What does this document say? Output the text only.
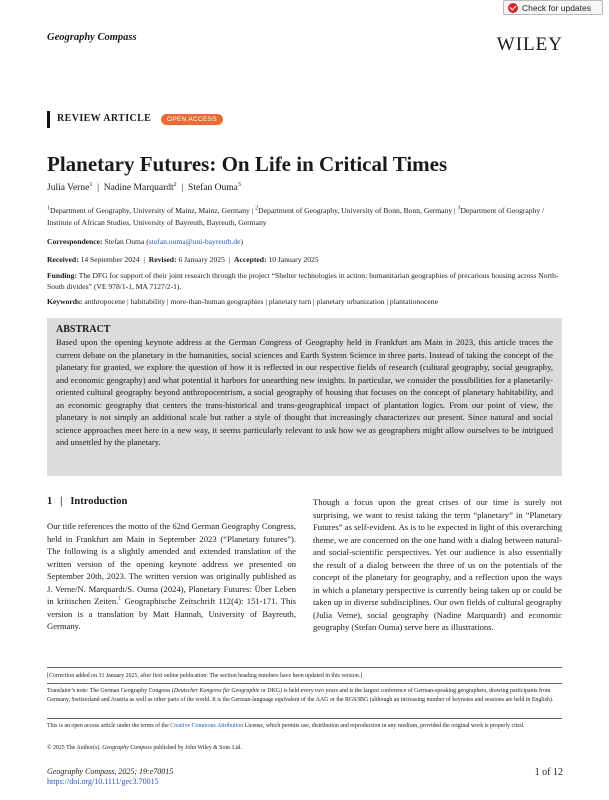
Check for updates
Geography Compass	WILEY
REVIEW ARTICLE	OPEN ACCESS
Planetary Futures: On Life in Critical Times
Julia Verne$^1$ | Nadine Marquardt$^2$ | Stefan Ouma$^3$
$^1$Department of Geography, University of Mainz, Mainz, Germany | $^2$Department of Geography, University of Bonn, Bonn, Germany | $^3$Department of Geography / Institute of African Studies, University of Bayreuth, Bayreuth, Germany
Correspondence: Stefan Ouma (stefan.ouma@uni-bayreuth.de)
Received: 14 September 2024  |  Revised: 6 January 2025  |  Accepted: 10 January 2025
Funding: The DFG for support of their joint research through the project “Shelter technologies in action: humanitarian geographies of precarious housing across North-South divides” (VE 978/1-1, MA 7127/2-1).
Keywords: anthropocene | habitability | more-than-human geographies | planetary turn | planetary urbanization | plantationocene
ABSTRACT

Based upon the opening keynote address at the German Congress of Geography held in Frankfurt am Main in 2023, this article traces the current debate on the planetary in the humanities, social sciences and Earth System Science in three parts. Instead of taking the concept of the planetary for granted, we explore the question of how it is reflected in our respective fields of research (cultural geography, social geography, and economic geography) and what potential it harbors for unearthing new insights. In particular, we consider the possibilities for a planetarily-oriented cultural geography beyond anthropocentrism, a social geography of housing that focuses on the concept of planetary habitability, and an economic geography that centers the trans-historical and trans-geographical impact of plantation logics. From our point of view, the planetary is not simply an additional scale but rather a style of thought that increasingly characterizes our present. Since natural and social science approaches meet here in a new way, it seems particularly relevant to ask how we as geographers might allow ourselves to be intrigued and unsettled by the planetary.

1 | Introduction
Our title references the motto of the 62nd German Geography Congress, held in Frankfurt am Main in September 2023 (“Planetary futures”). The following is a slightly amended and extended translation of the written version of the opening keynote address we presented on September 20th, 2023. The written version was originally published as J. Verne/N. Marquardt/S. Ouma (2024), Planetary Futures: Über Leben in kritischen Zeiten.$^1$ Geographische Zeitschrift 112(4): 151-171. This version is a translation by Matt Hannah, University of Bayreuth, Germany.
Though a focus upon the great crises of our time is surely not surprising, we want to resist taking the term “planetary” in “Planetary Futures” as self-evident. As is to be expected in light of this overarching theme, we are concerned on the one hand with a dialog between natural- and social-scientific perspectives. Yet our audience is also essentially the result of a dialog between the three of us on the potentials of the concept of the planetary for geography, and a reflection upon the ways in which a planetary perspective is currently being taken up or could be taken up in diverse subdisciplines. Our own fields of cultural geography (Julia Verne), social geography (Nadine Marquardt) and economic geography (Stefan Ouma) serve here as illustrations.
[Correction added on 31 January 2025, after first online publication: The section heading numbers have been updated in this version.]
Translator’s note: The German Geography Congress (Deutscher Kongress für Geographie or DKG) is held every two years and is the largest conference of German-speaking geographers, drawing participants from Germany, Switzerland and Austria as well as other parts of the world. It is the German-language equivalent of the AAG or the RGS/IBG (although an increasing number of keynotes and sessions are held in English).
This is an open access article under the terms of the Creative Commons Attribution License, which permits use, distribution and reproduction in any medium, provided the original work is properly cited.
© 2025 The Author(s). Geography Compass published by John Wiley & Sons Ltd.
Geography Compass, 2025; 19:e70015
https://doi.org/10.1111/gec3.70015
1 of 12
